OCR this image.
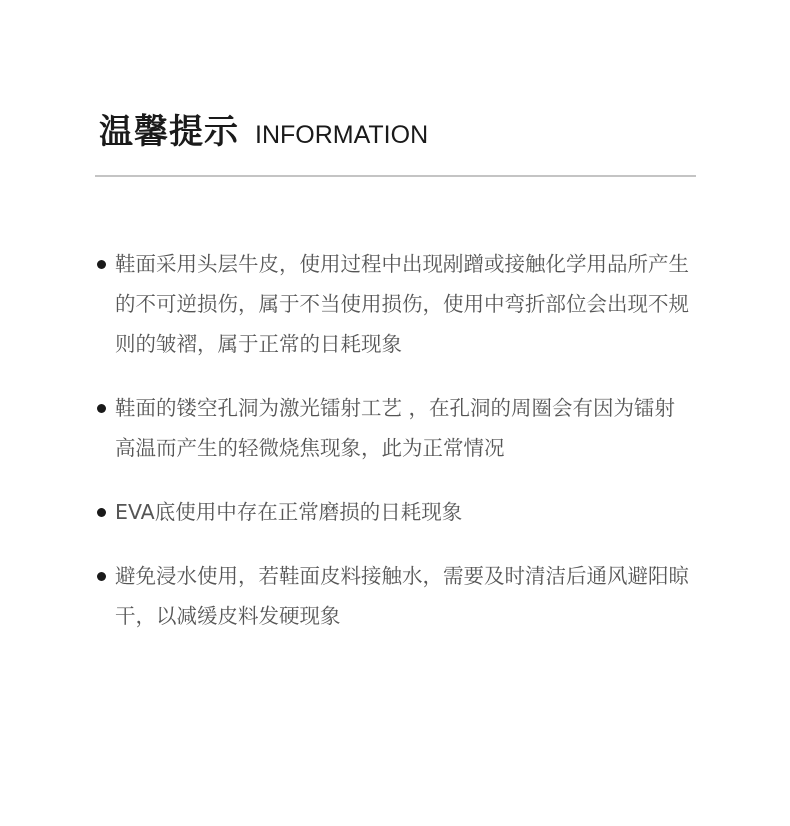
温馨提示 INFORMATION
鞋面采用头层牛皮，使用过程中出现剐蹭或接触化学用品所产生的不可逆损伤，属于不当使用损伤，使用中弯折部位会出现不规则的皱褶，属于正常的日耗现象
鞋面的镂空孔洞为激光镭射工艺 ，在孔洞的周圈会有因为镭射高温而产生的轻微烧焦现象，此为正常情况
EVA底使用中存在正常磨损的日耗现象
避免浸水使用，若鞋面皮料接触水，需要及时清洁后通风避阳晾干，以减缓皮料发硬现象
